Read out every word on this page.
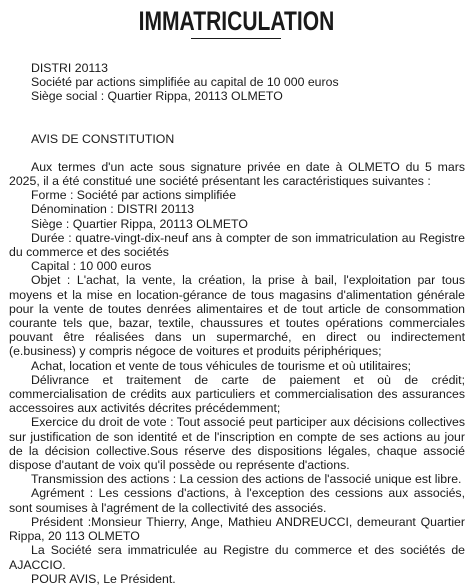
IMMATRICULATION
DISTRI 20113
Société par actions simplifiée au capital de 10 000 euros
Siège social : Quartier Rippa, 20113 OLMETO
AVIS DE CONSTITUTION

Aux termes d'un acte sous signature privée en date à OLMETO du 5 mars 2025, il a été constitué une société présentant les caractéristiques suivantes :

Forme : Société par actions simplifiée

Dénomination : DISTRI 20113

Siège : Quartier Rippa, 20113 OLMETO

Durée : quatre-vingt-dix-neuf ans à compter de son immatriculation au Registre du commerce et des sociétés

Capital : 10 000 euros

Objet : L'achat, la vente, la création, la prise à bail, l'exploitation par tous moyens et la mise en location-gérance de tous magasins d'alimentation générale pour la vente de toutes denrées alimentaires et de tout article de consommation courante tels que, bazar, textile, chaussures et toutes opérations commerciales pouvant être réalisées dans un supermarché, en direct ou indirectement (e.business) y compris négoce de voitures et produits périphériques;

Achat, location et vente de tous véhicules de tourisme et où utilitaires;

Délivrance et traitement de carte de paiement et où de crédit; commercialisation de crédits aux particuliers et commercialisation des assurances accessoires aux activités décrites précédemment;

Exercice du droit de vote : Tout associé peut participer aux décisions collectives sur justification de son identité et de l'inscription en compte de ses actions au jour de la décision collective.Sous réserve des dispositions légales, chaque associé dispose d'autant de voix qu'il possède ou représente d'actions.

Transmission des actions : La cession des actions de l'associé unique est libre.

Agrément : Les cessions d'actions, à l'exception des cessions aux associés, sont soumises à l'agrément de la collectivité des associés.

Président :Monsieur Thierry, Ange, Mathieu ANDREUCCI, demeurant Quartier Rippa, 20 113 OLMETO

La Société sera immatriculée au Registre du commerce et des sociétés de AJACCIO.

POUR AVIS, Le Président.
